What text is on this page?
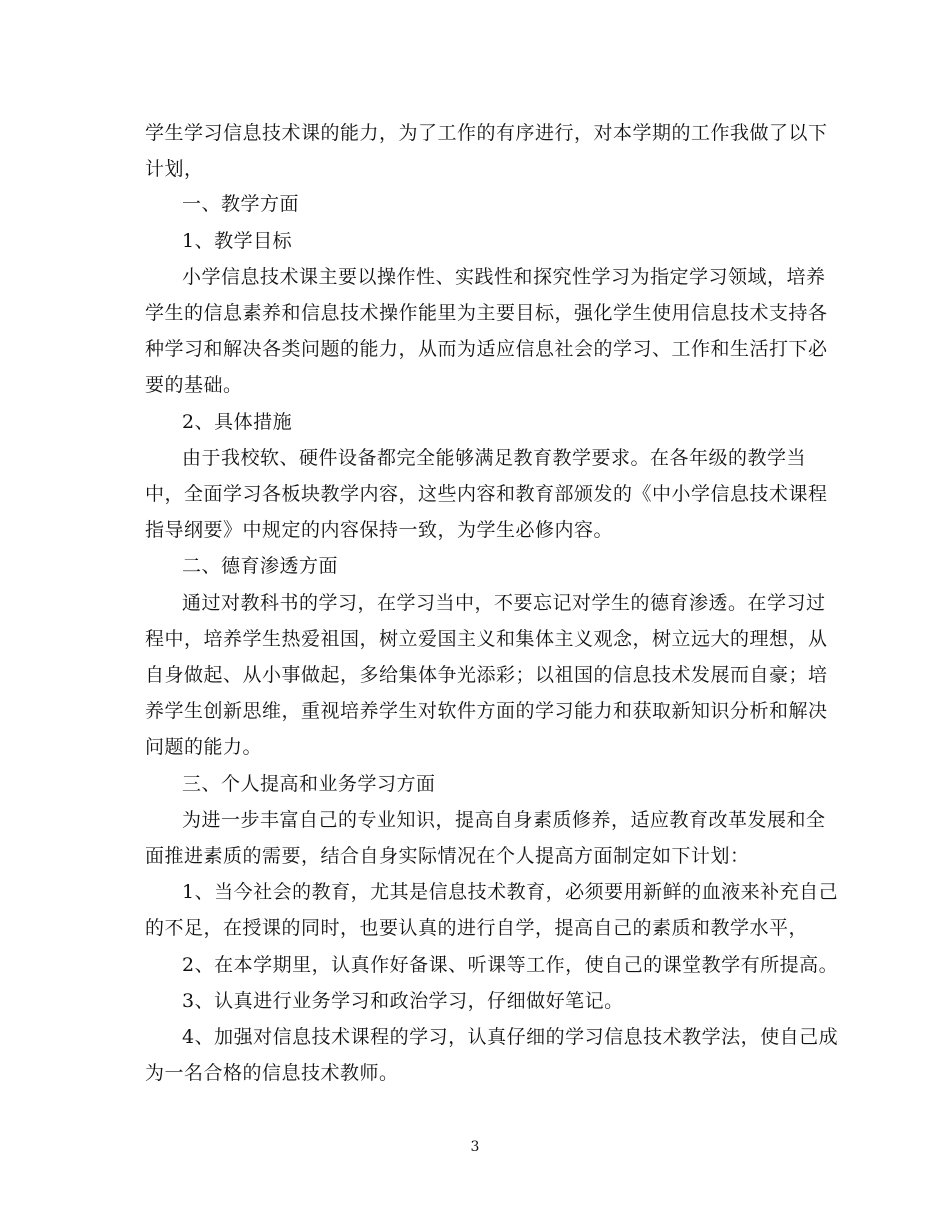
学生学习信息技术课的能力，为了工作的有序进行，对本学期的工作我做了以下
计划，
一、教学方面
1、教学目标
小学信息技术课主要以操作性、实践性和探究性学习为指定学习领域，培养
学生的信息素养和信息技术操作能里为主要目标，强化学生使用信息技术支持各
种学习和解决各类问题的能力，从而为适应信息社会的学习、工作和生活打下必
要的基础。
2、具体措施
由于我校软、硬件设备都完全能够满足教育教学要求。在各年级的教学当
中，全面学习各板块教学内容，这些内容和教育部颁发的《中小学信息技术课程
指导纲要》中规定的内容保持一致，为学生必修内容。
二、德育渗透方面
通过对教科书的学习，在学习当中，不要忘记对学生的德育渗透。在学习过
程中，培养学生热爱祖国，树立爱国主义和集体主义观念，树立远大的理想，从
自身做起、从小事做起，多给集体争光添彩；以祖国的信息技术发展而自豪；培
养学生创新思维，重视培养学生对软件方面的学习能力和获取新知识分析和解决
问题的能力。
三、个人提高和业务学习方面
为进一步丰富自己的专业知识，提高自身素质修养，适应教育改革发展和全
面推进素质的需要，结合自身实际情况在个人提高方面制定如下计划：
1、当今社会的教育，尤其是信息技术教育，必须要用新鲜的血液来补充自己
的不足，在授课的同时，也要认真的进行自学，提高自己的素质和教学水平，
2、在本学期里，认真作好备课、听课等工作，使自己的课堂教学有所提高。
3、认真进行业务学习和政治学习，仔细做好笔记。
4、加强对信息技术课程的学习，认真仔细的学习信息技术教学法，使自己成
为一名合格的信息技术教师。
3
